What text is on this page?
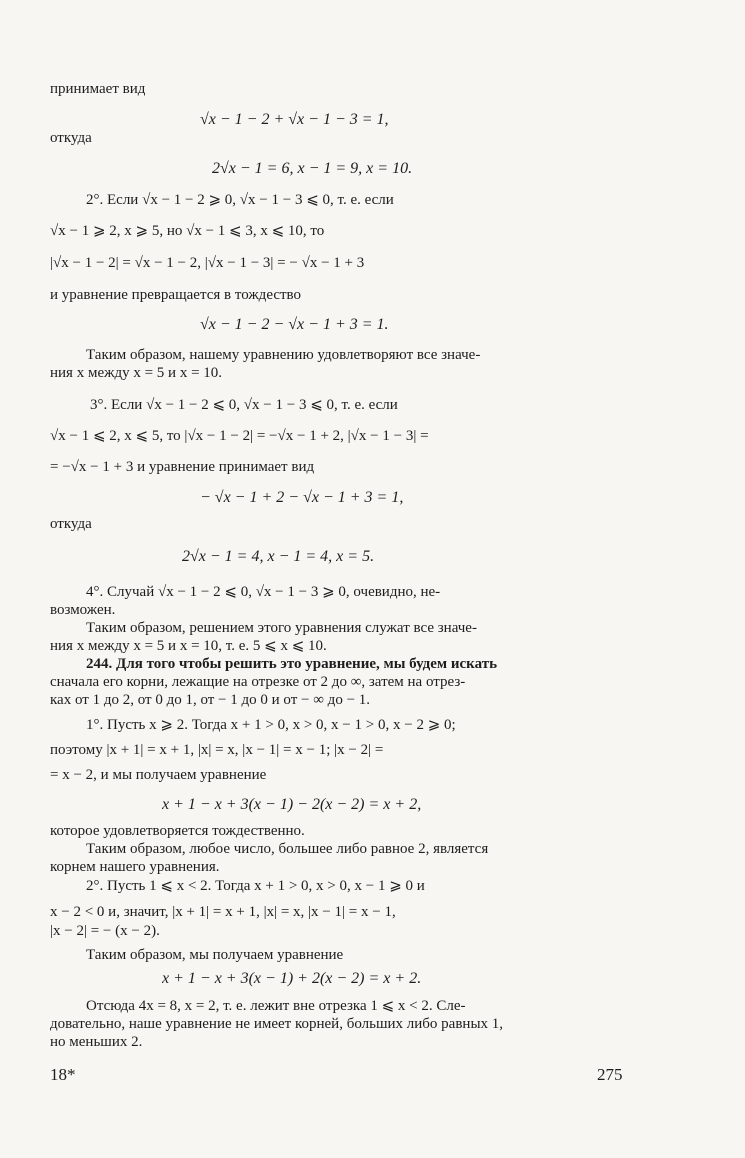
принимает вид
√x − 1 − 2 + √x − 1 − 3 = 1,
откуда
2√x − 1 = 6, x − 1 = 9, x = 10.
2°. Если √x − 1 − 2 ⩾ 0, √x − 1 − 3 ⩽ 0, т. е. если
√x − 1 ⩾ 2, x ⩾ 5, но √x − 1 ⩽ 3, x ⩽ 10, то
|√x − 1 − 2| = √x − 1 − 2, |√x − 1 − 3| = − √x − 1 + 3
и уравнение превращается в тождество
√x − 1 − 2 − √x − 1 + 3 = 1.
Таким образом, нашему уравнению удовлетворяют все значе-
ния x между x = 5 и x = 10.
3°. Если √x − 1 − 2 ⩽ 0, √x − 1 − 3 ⩽ 0, т. е. если
√x − 1 ⩽ 2, x ⩽ 5, то |√x − 1 − 2| = −√x − 1 + 2, |√x − 1 − 3| =
= −√x − 1 + 3 и уравнение принимает вид
− √x − 1 + 2 − √x − 1 + 3 = 1,
откуда
2√x − 1 = 4, x − 1 = 4, x = 5.
4°. Случай √x − 1 − 2 ⩽ 0, √x − 1 − 3 ⩾ 0, очевидно, не-
возможен.
Таким образом, решением этого уравнения служат все значе-
ния x между x = 5 и x = 10, т. е. 5 ⩽ x ⩽ 10.
244. Для того чтобы решить это уравнение, мы будем искать
сначала его корни, лежащие на отрезке от 2 до ∞, затем на отрез-
ках от 1 до 2, от 0 до 1, от − 1 до 0 и от − ∞ до − 1.
1°. Пусть x ⩾ 2. Тогда x + 1 > 0, x > 0, x − 1 > 0, x − 2 ⩾ 0;
поэтому |x + 1| = x + 1, |x| = x, |x − 1| = x − 1; |x − 2| =
= x − 2, и мы получаем уравнение
x + 1 − x + 3(x − 1) − 2(x − 2) = x + 2,
которое удовлетворяется тождественно.
Таким образом, любое число, большее либо равное 2, является
корнем нашего уравнения.
2°. Пусть 1 ⩽ x < 2. Тогда x + 1 > 0, x > 0, x − 1 ⩾ 0 и
x − 2 < 0 и, значит, |x + 1| = x + 1, |x| = x, |x − 1| = x − 1,
|x − 2| = − (x − 2).
Таким образом, мы получаем уравнение
x + 1 − x + 3(x − 1) + 2(x − 2) = x + 2.
Отсюда 4x = 8, x = 2, т. е. лежит вне отрезка 1 ⩽ x < 2. Сле-
довательно, наше уравнение не имеет корней, больших либо равных 1,
но меньших 2.
18*	275
